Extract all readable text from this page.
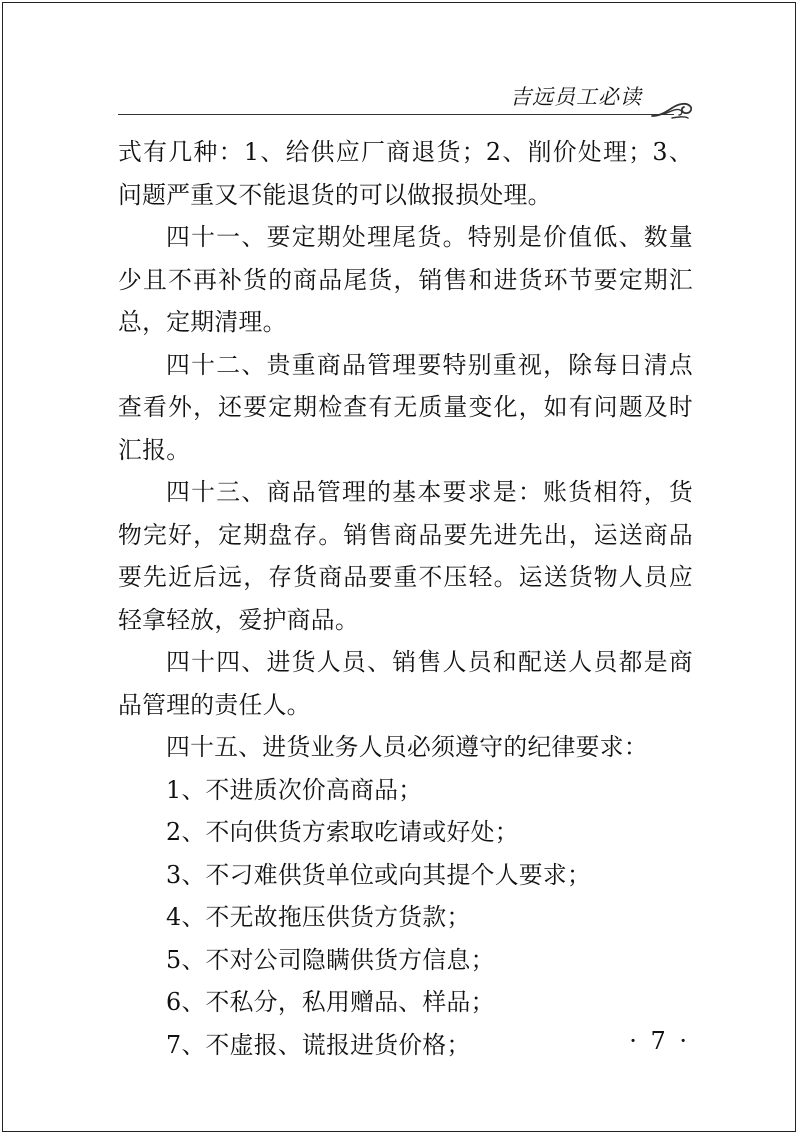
吉远员工必读

式有几种：1、给供应厂商退货；2、削价处理；3、问题严重又不能退货的可以做报损处理。

四十一、要定期处理尾货。特别是价值低、数量少且不再补货的商品尾货，销售和进货环节要定期汇总，定期清理。

四十二、贵重商品管理要特别重视，除每日清点查看外，还要定期检查有无质量变化，如有问题及时汇报。

四十三、商品管理的基本要求是：账货相符，货物完好，定期盘存。销售商品要先进先出，运送商品要先近后远，存货商品要重不压轻。运送货物人员应轻拿轻放，爱护商品。

四十四、进货人员、销售人员和配送人员都是商品管理的责任人。

四十五、进货业务人员必须遵守的纪律要求：

1、不进质次价高商品；

2、不向供货方索取吃请或好处；

3、不刁难供货单位或向其提个人要求；

4、不无故拖压供货方货款；

5、不对公司隐瞒供货方信息；

6、不私分，私用赠品、样品；

7、不虚报、谎报进货价格；	· 7 ·
